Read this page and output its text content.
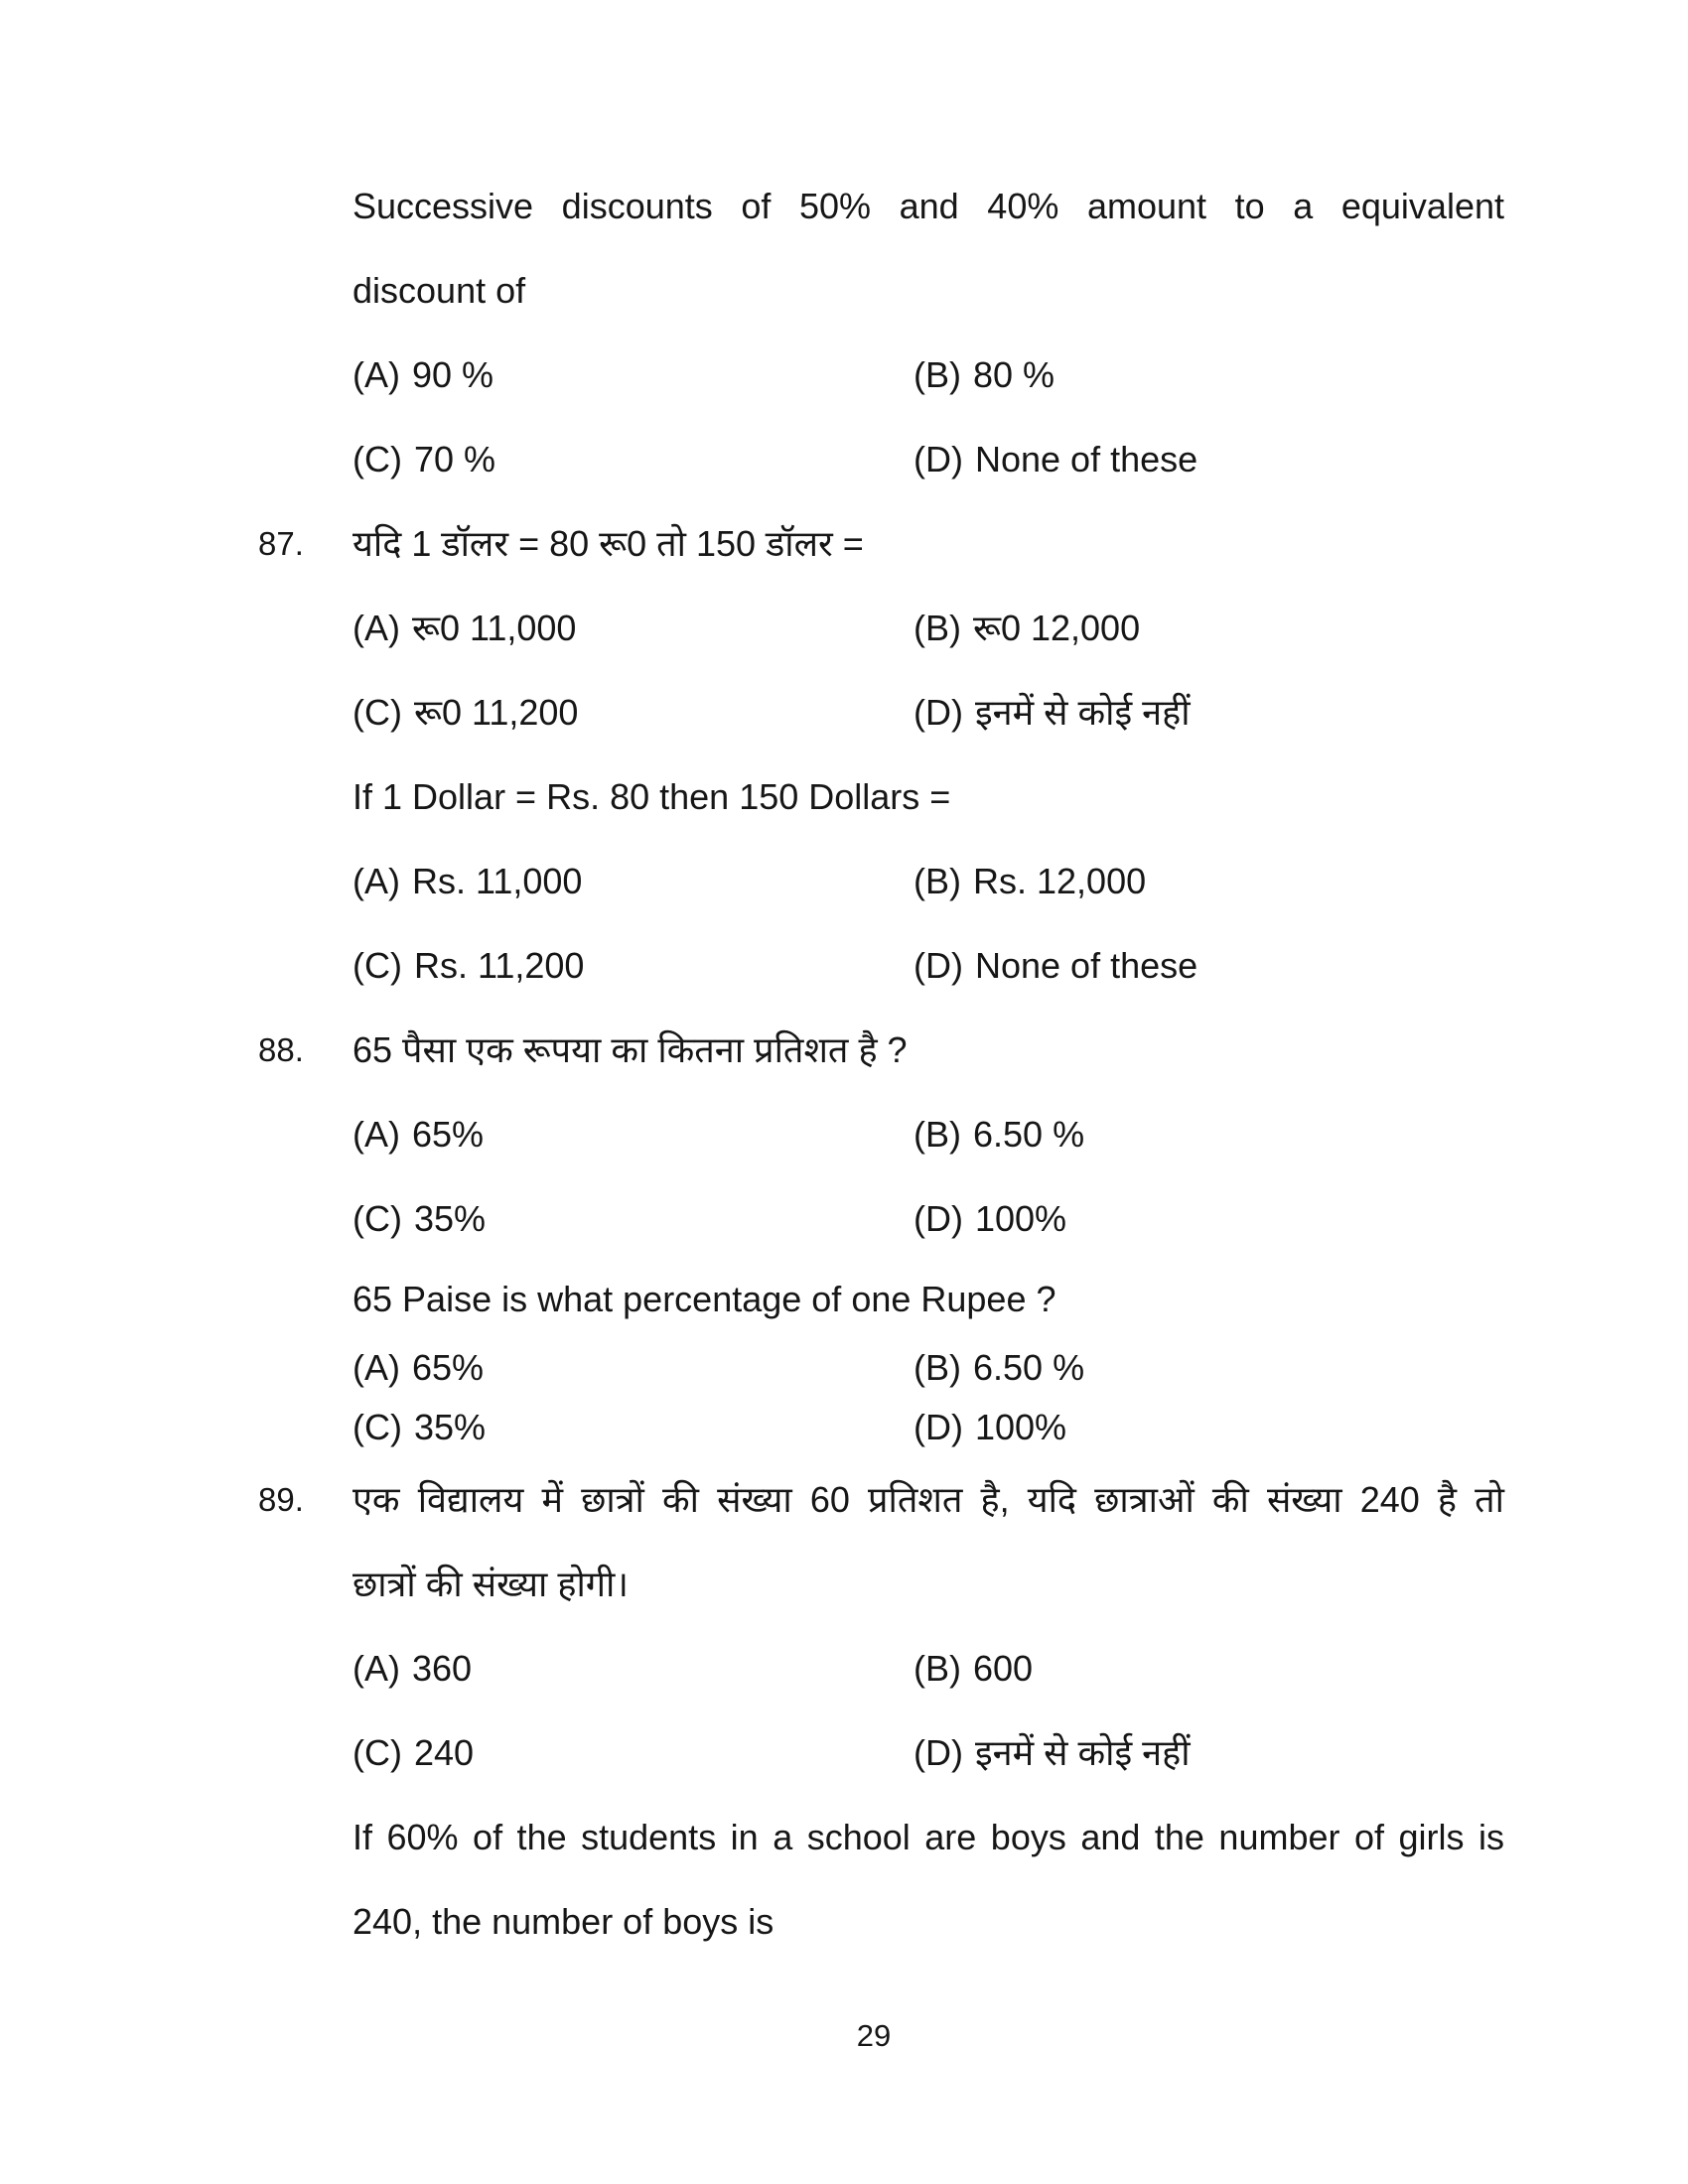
Successive discounts of 50% and 40% amount to a equivalent
discount of
(A) 90 %	(B) 80 %
(C) 70 %	(D) None of these
87. यदि 1 डॉलर = 80 रू0 तो 150 डॉलर =
(A) रू0 11,000	(B) रू0 12,000
(C) रू0 11,200	(D) इनमें से कोई नहीं
If 1 Dollar = Rs. 80 then 150 Dollars =
(A) Rs. 11,000	(B) Rs. 12,000
(C) Rs. 11,200	(D) None of these
88. 65 पैसा एक रूपया का कितना प्रतिशत है ?
(A) 65%	(B) 6.50 %
(C) 35%	(D) 100%
65 Paise is what percentage of one Rupee ?
(A) 65%	(B) 6.50 %
(C) 35%	(D) 100%
89. एक विद्यालय में छात्रों की संख्या 60 प्रतिशत है, यदि छात्राओं की संख्या 240 है तो
छात्रों की संख्या होगी।
(A) 360	(B) 600
(C) 240	(D) इनमें से कोई नहीं
If 60% of the students in a school are boys and the number of girls is
240, the number of boys is
29
